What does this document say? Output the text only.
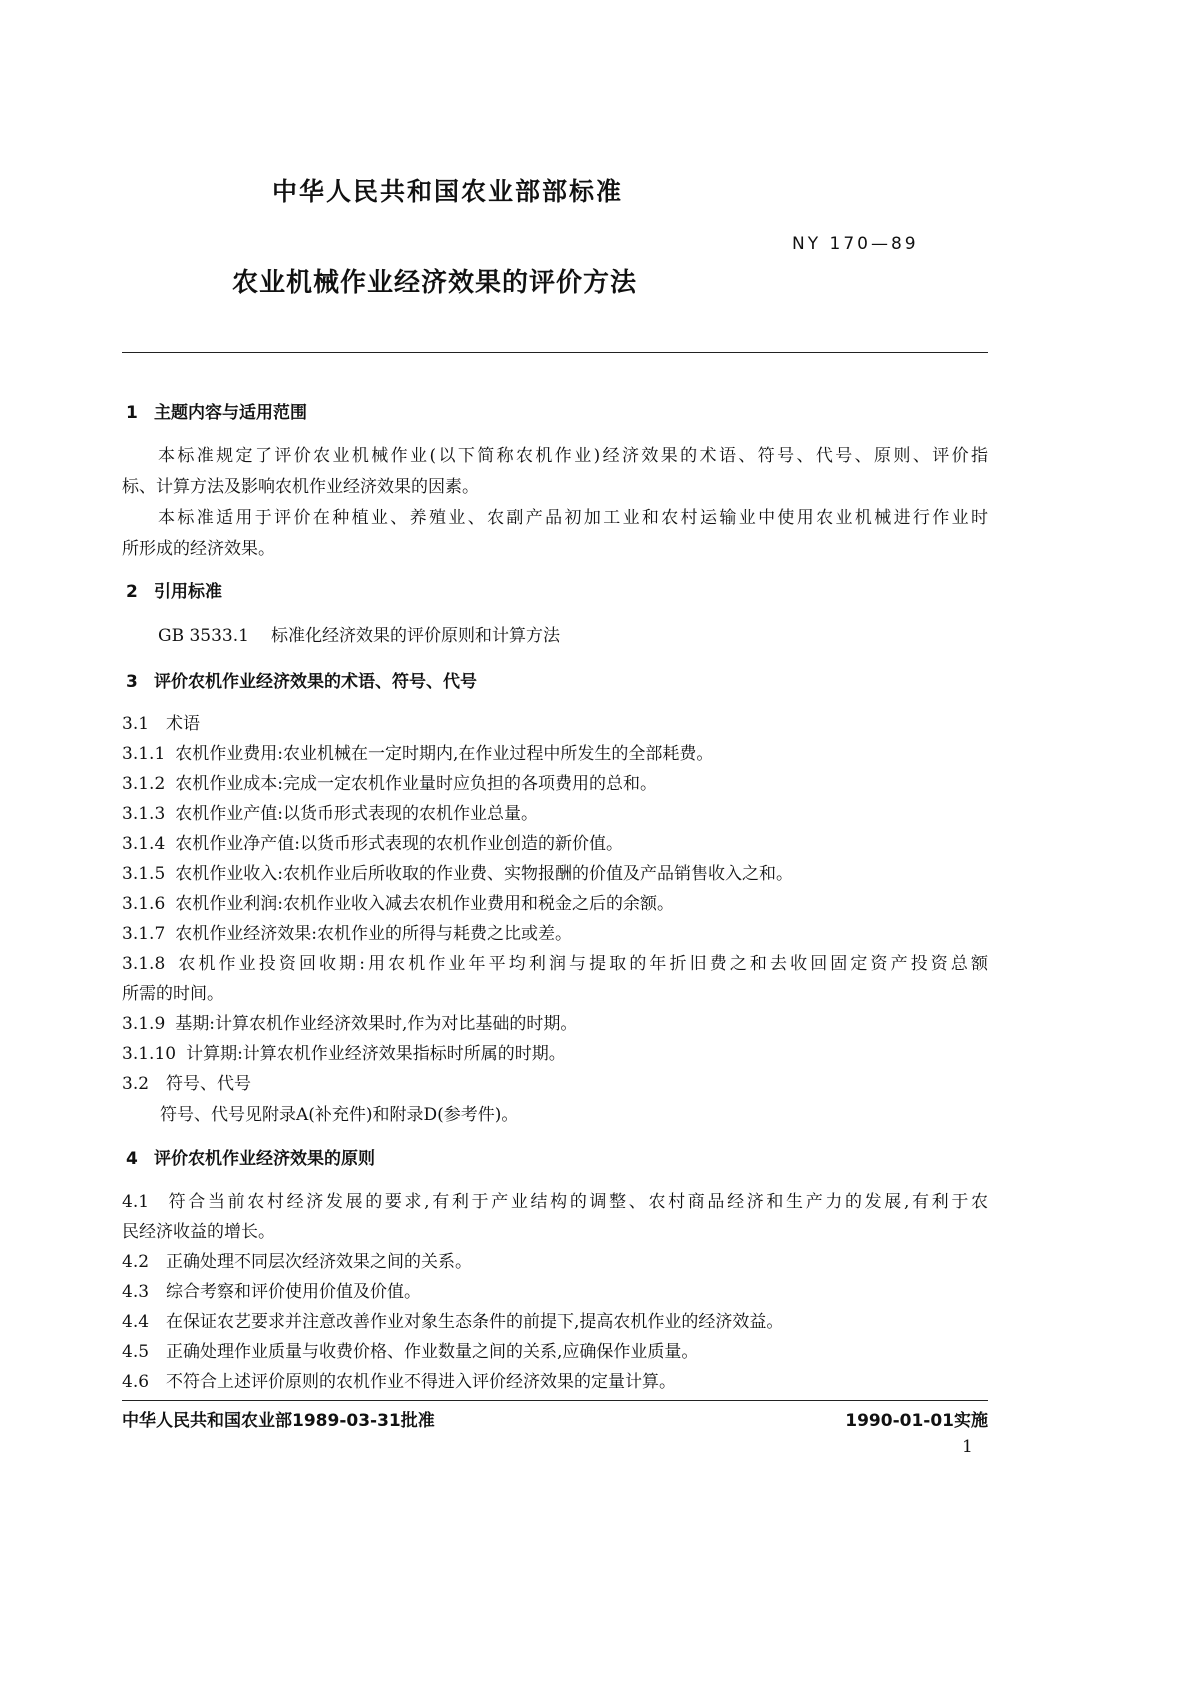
中华人民共和国农业部部标准
NY 170—89
农业机械作业经济效果的评价方法
1 主题内容与适用范围
本标准规定了评价农业机械作业(以下简称农机作业)经济效果的术语、符号、代号、原则、评价指
标、计算方法及影响农机作业经济效果的因素。
本标准适用于评价在种植业、养殖业、农副产品初加工业和农村运输业中使用农业机械进行作业时
所形成的经济效果。
2 引用标准
GB 3533.1 标准化经济效果的评价原则和计算方法
3 评价农机作业经济效果的术语、符号、代号
3.1 术语
3.1.1 农机作业费用:农业机械在一定时期内,在作业过程中所发生的全部耗费。
3.1.2 农机作业成本:完成一定农机作业量时应负担的各项费用的总和。
3.1.3 农机作业产值:以货币形式表现的农机作业总量。
3.1.4 农机作业净产值:以货币形式表现的农机作业创造的新价值。
3.1.5 农机作业收入:农机作业后所收取的作业费、实物报酬的价值及产品销售收入之和。
3.1.6 农机作业利润:农机作业收入减去农机作业费用和税金之后的余额。
3.1.7 农机作业经济效果:农机作业的所得与耗费之比或差。
3.1.8 农机作业投资回收期:用农机作业年平均利润与提取的年折旧费之和去收回固定资产投资总额
所需的时间。
3.1.9 基期:计算农机作业经济效果时,作为对比基础的时期。
3.1.10 计算期:计算农机作业经济效果指标时所属的时期。
3.2 符号、代号
符号、代号见附录A(补充件)和附录D(参考件)。
4 评价农机作业经济效果的原则
4.1 符合当前农村经济发展的要求,有利于产业结构的调整、农村商品经济和生产力的发展,有利于农
民经济收益的增长。
4.2 正确处理不同层次经济效果之间的关系。
4.3 综合考察和评价使用价值及价值。
4.4 在保证农艺要求并注意改善作业对象生态条件的前提下,提高农机作业的经济效益。
4.5 正确处理作业质量与收费价格、作业数量之间的关系,应确保作业质量。
4.6 不符合上述评价原则的农机作业不得进入评价经济效果的定量计算。
中华人民共和国农业部1989-03-31批准	1990-01-01实施
1
